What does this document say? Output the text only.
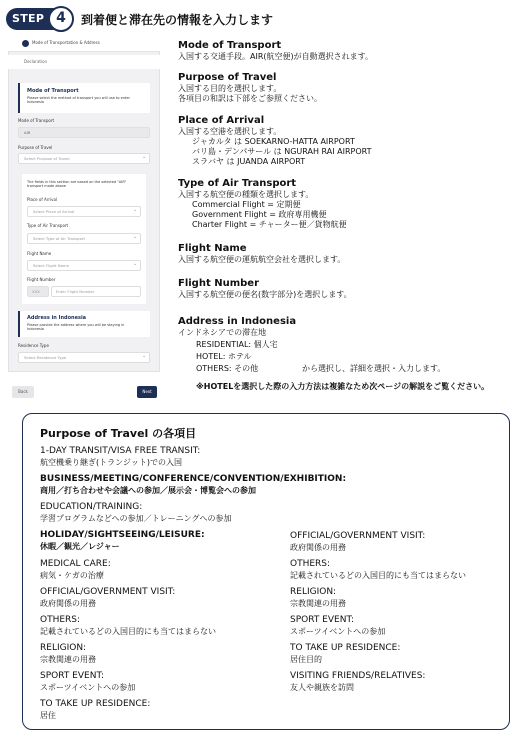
STEP 4	到着便と滞在先の情報を入力します
Mode of Transportation & Address
Declaration
Mode of Transport
Please select the method of transport you will use to enter Indonesia
Mode of Transport
AIR
Purpose of Travel
Select Purpose of Travel	⌄
The fields in this section are based on the selected "AIR" transport mode above
Place of Arrival
Select Place of Arrival	⌄
Type of Air Transport
Select Type of Air Transport	⌄
Flight Name
Select Flight Name	⌄
Flight Number
XXX	Enter Flight Number
Address in Indonesia
Please provide the address where you will be staying in Indonesia
Residence Type
Select Residence Type	⌄
Back	Next
Mode of Transport
入国する交通手段。AIR(航空便)が自動選択されます。
Purpose of Travel
入国する目的を選択します。
各項目の和訳は下部をご参照ください。
Place of Arrival
入国する空港を選択します。
ジャカルタ は SOEKARNO-HATTA AIRPORT
バリ島・デンパサール は NGURAH RAI AIRPORT
スラバヤ は JUANDA AIRPORT
Type of Air Transport
入国する航空便の種類を選択します。
Commercial Flight = 定期便
Government Flight = 政府専用機便
Charter Flight = チャーター便／貨物航便
Flight Name
入国する航空便の運航航空会社を選択します。
Flight Number
入国する航空便の便名(数字部分)を選択します。
Address in Indonesia
インドネシアでの滞在地
RESIDENTIAL: 個人宅
HOTEL: ホテル
OTHERS: その他	から選択し、詳細を選択・入力します。
※HOTELを選択した際の入力方法は複雑なため次ページの解説をご覧ください。
Purpose of Travel の各項目
1-DAY TRANSIT/VISA FREE TRANSIT:
航空機乗り継ぎ(トランジット)での入国
BUSINESS/MEETING/CONFERENCE/CONVENTION/EXHIBITION:
商用／打ち合わせや会議への参加／展示会・博覧会への参加
EDUCATION/TRAINING:
学習プログラムなどへの参加／トレーニングへの参加
HOLIDAY/SIGHTSEEING/LEISURE:
休暇／観光／レジャー
MEDICAL CARE:
病気・ケガの治療
OFFICIAL/GOVERNMENT VISIT:
政府関係の用務
OTHERS:
記載されているどの入国目的にも当てはまらない
RELIGION:
宗教関連の用務
SPORT EVENT:
スポーツイベントへの参加
TO TAKE UP RESIDENCE:
居住
OFFICIAL/GOVERNMENT VISIT:
政府関係の用務
OTHERS:
記載されているどの入国目的にも当てはまらない
RELIGION:
宗教関連の用務
SPORT EVENT:
スポーツイベントへの参加
TO TAKE UP RESIDENCE:
居住目的
VISITING FRIENDS/RELATIVES:
友人や親族を訪問
